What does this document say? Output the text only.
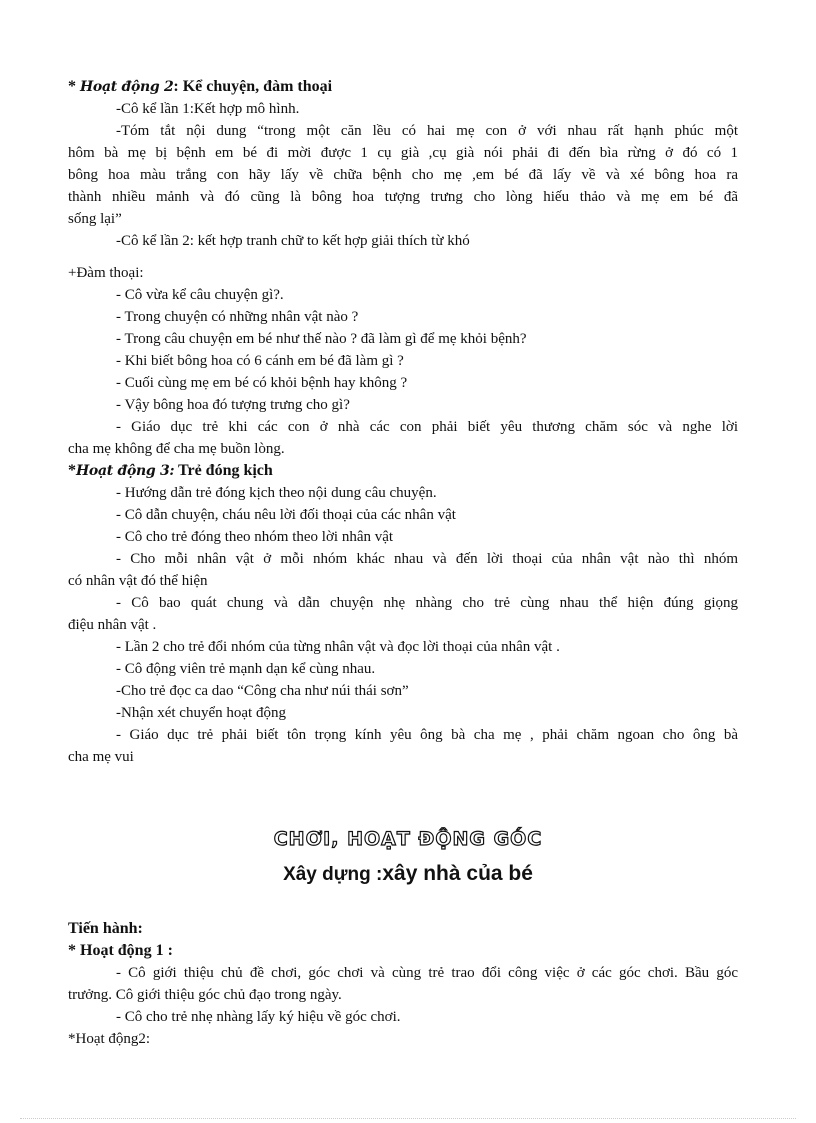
* Hoạt động 2: Kể chuyện, đàm thoại
-Cô kể lần 1:Kết hợp mô hình.
-Tóm tắt nội dung “trong một căn lều có hai mẹ con ở với nhau rất hạnh phúc một
hôm bà mẹ bị bệnh em bé đi mời được 1 cụ già ,cụ già nói phải đi đến bìa rừng ở đó có 1
bông hoa màu trắng con hãy lấy về chữa bệnh cho mẹ ,em bé đã lấy về và xé bông hoa ra
thành nhiều mảnh và đó cũng là bông hoa tượng trưng cho lòng hiếu thảo và mẹ em bé đã
sống lại”
-Cô kể lần 2: kết hợp tranh chữ to kết hợp giải thích từ khó
+Đàm thoại:
- Cô vừa kể câu chuyện gì?.
- Trong chuyện có những nhân vật nào ?
- Trong câu chuyện em bé như thế nào ? đã làm gì để mẹ khỏi bệnh?
- Khi biết bông hoa có 6 cánh em bé đã làm gì ?
- Cuối cùng mẹ em bé có khỏi bệnh hay không ?
- Vậy bông hoa đó tượng trưng cho gì?
- Giáo dục trẻ khi các con ở nhà các con phải biết yêu thương chăm sóc và nghe lời
cha mẹ không để cha mẹ buồn lòng.
*Hoạt động 3: Trẻ đóng kịch
- Hướng dẫn trẻ đóng kịch theo nội dung câu chuyện.
- Cô dẫn chuyện, cháu nêu lời đối thoại của các nhân vật
- Cô cho trẻ đóng theo nhóm theo lời nhân vật
- Cho mỗi nhân vật ở mỗi nhóm khác nhau và đến lời thoại của nhân vật nào thì nhóm
có nhân vật đó thể hiện
- Cô bao quát chung và dẫn chuyện nhẹ nhàng cho trẻ cùng nhau thể hiện đúng giọng
điệu nhân vật .
- Lần 2 cho trẻ đổi nhóm của từng nhân vật và đọc lời thoại của nhân vật .
- Cô động viên trẻ mạnh dạn kể cùng nhau.
-Cho trẻ đọc ca dao “Công cha như núi thái sơn”
-Nhận xét chuyển hoạt động
- Giáo dục trẻ phải biết tôn trọng kính yêu ông bà cha mẹ , phải chăm ngoan cho ông bà
cha mẹ vui
CHƠI, HOẠT ĐỘNG GÓC
Xây dựng :xây nhà của bé
Tiến hành:
* Hoạt động 1 :
- Cô giới thiệu chủ đề chơi, góc chơi và cùng trẻ trao đổi công việc ở các góc chơi. Bầu góc
trưởng. Cô giới thiệu góc chủ đạo trong ngày.
- Cô cho trẻ nhẹ nhàng lấy ký hiệu về góc chơi.
*Hoạt động2:
